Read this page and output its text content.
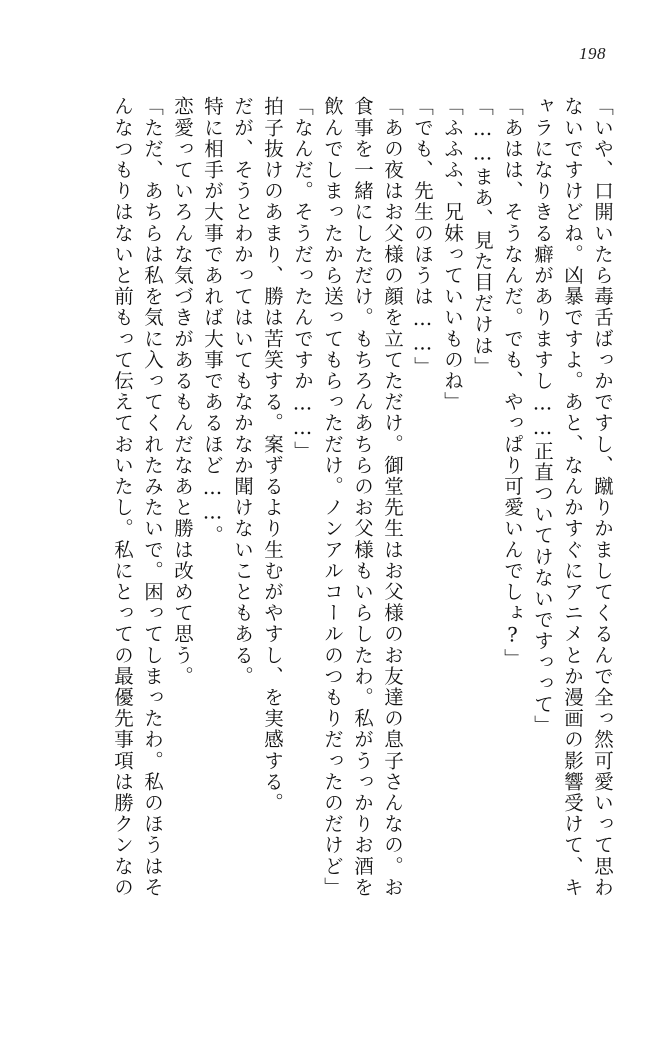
198
「いや、口開いたら毒舌ばっかですし、蹴りかましてくるんで全っ然可愛いって思わ
ないですけどね。凶暴ですよ。あと、なんかすぐにアニメとか漫画の影響受けて、キ
ャラになりきる癖がありますし……正直ついてけないですっって」
「あはは、そうなんだ。でも、やっぱり可愛いんでしょ?」
「……まあ、見た目だけは」
「ふふふ、兄妹っていいものね」
「でも、先生のほうは……」
「あの夜はお父様の顔を立てただけ。御堂先生はお父様のお友達の息子さんなの。お
食事を一緒にしただけ。もちろんあちらのお父様もいらしたわ。私がうっかりお酒を
飲んでしまったから送ってもらっただけ。ノンアルコールのつもりだったのだけど」
「なんだ。そうだったんですか……」
拍子抜けのあまり、勝は苦笑する。案ずるより生むがやすし、を実感する。
だが、そうとわかってはいてもなかなか聞けないこともある。
特に相手が大事であれば大事であるほど……。
恋愛っていろんな気づきがあるもんだなあと勝は改めて思う。
「ただ、あちらは私を気に入ってくれたみたいで。困ってしまったわ。私のほうはそ
んなつもりはないと前もって伝えておいたし。私にとっての最優先事項は勝クンなの
